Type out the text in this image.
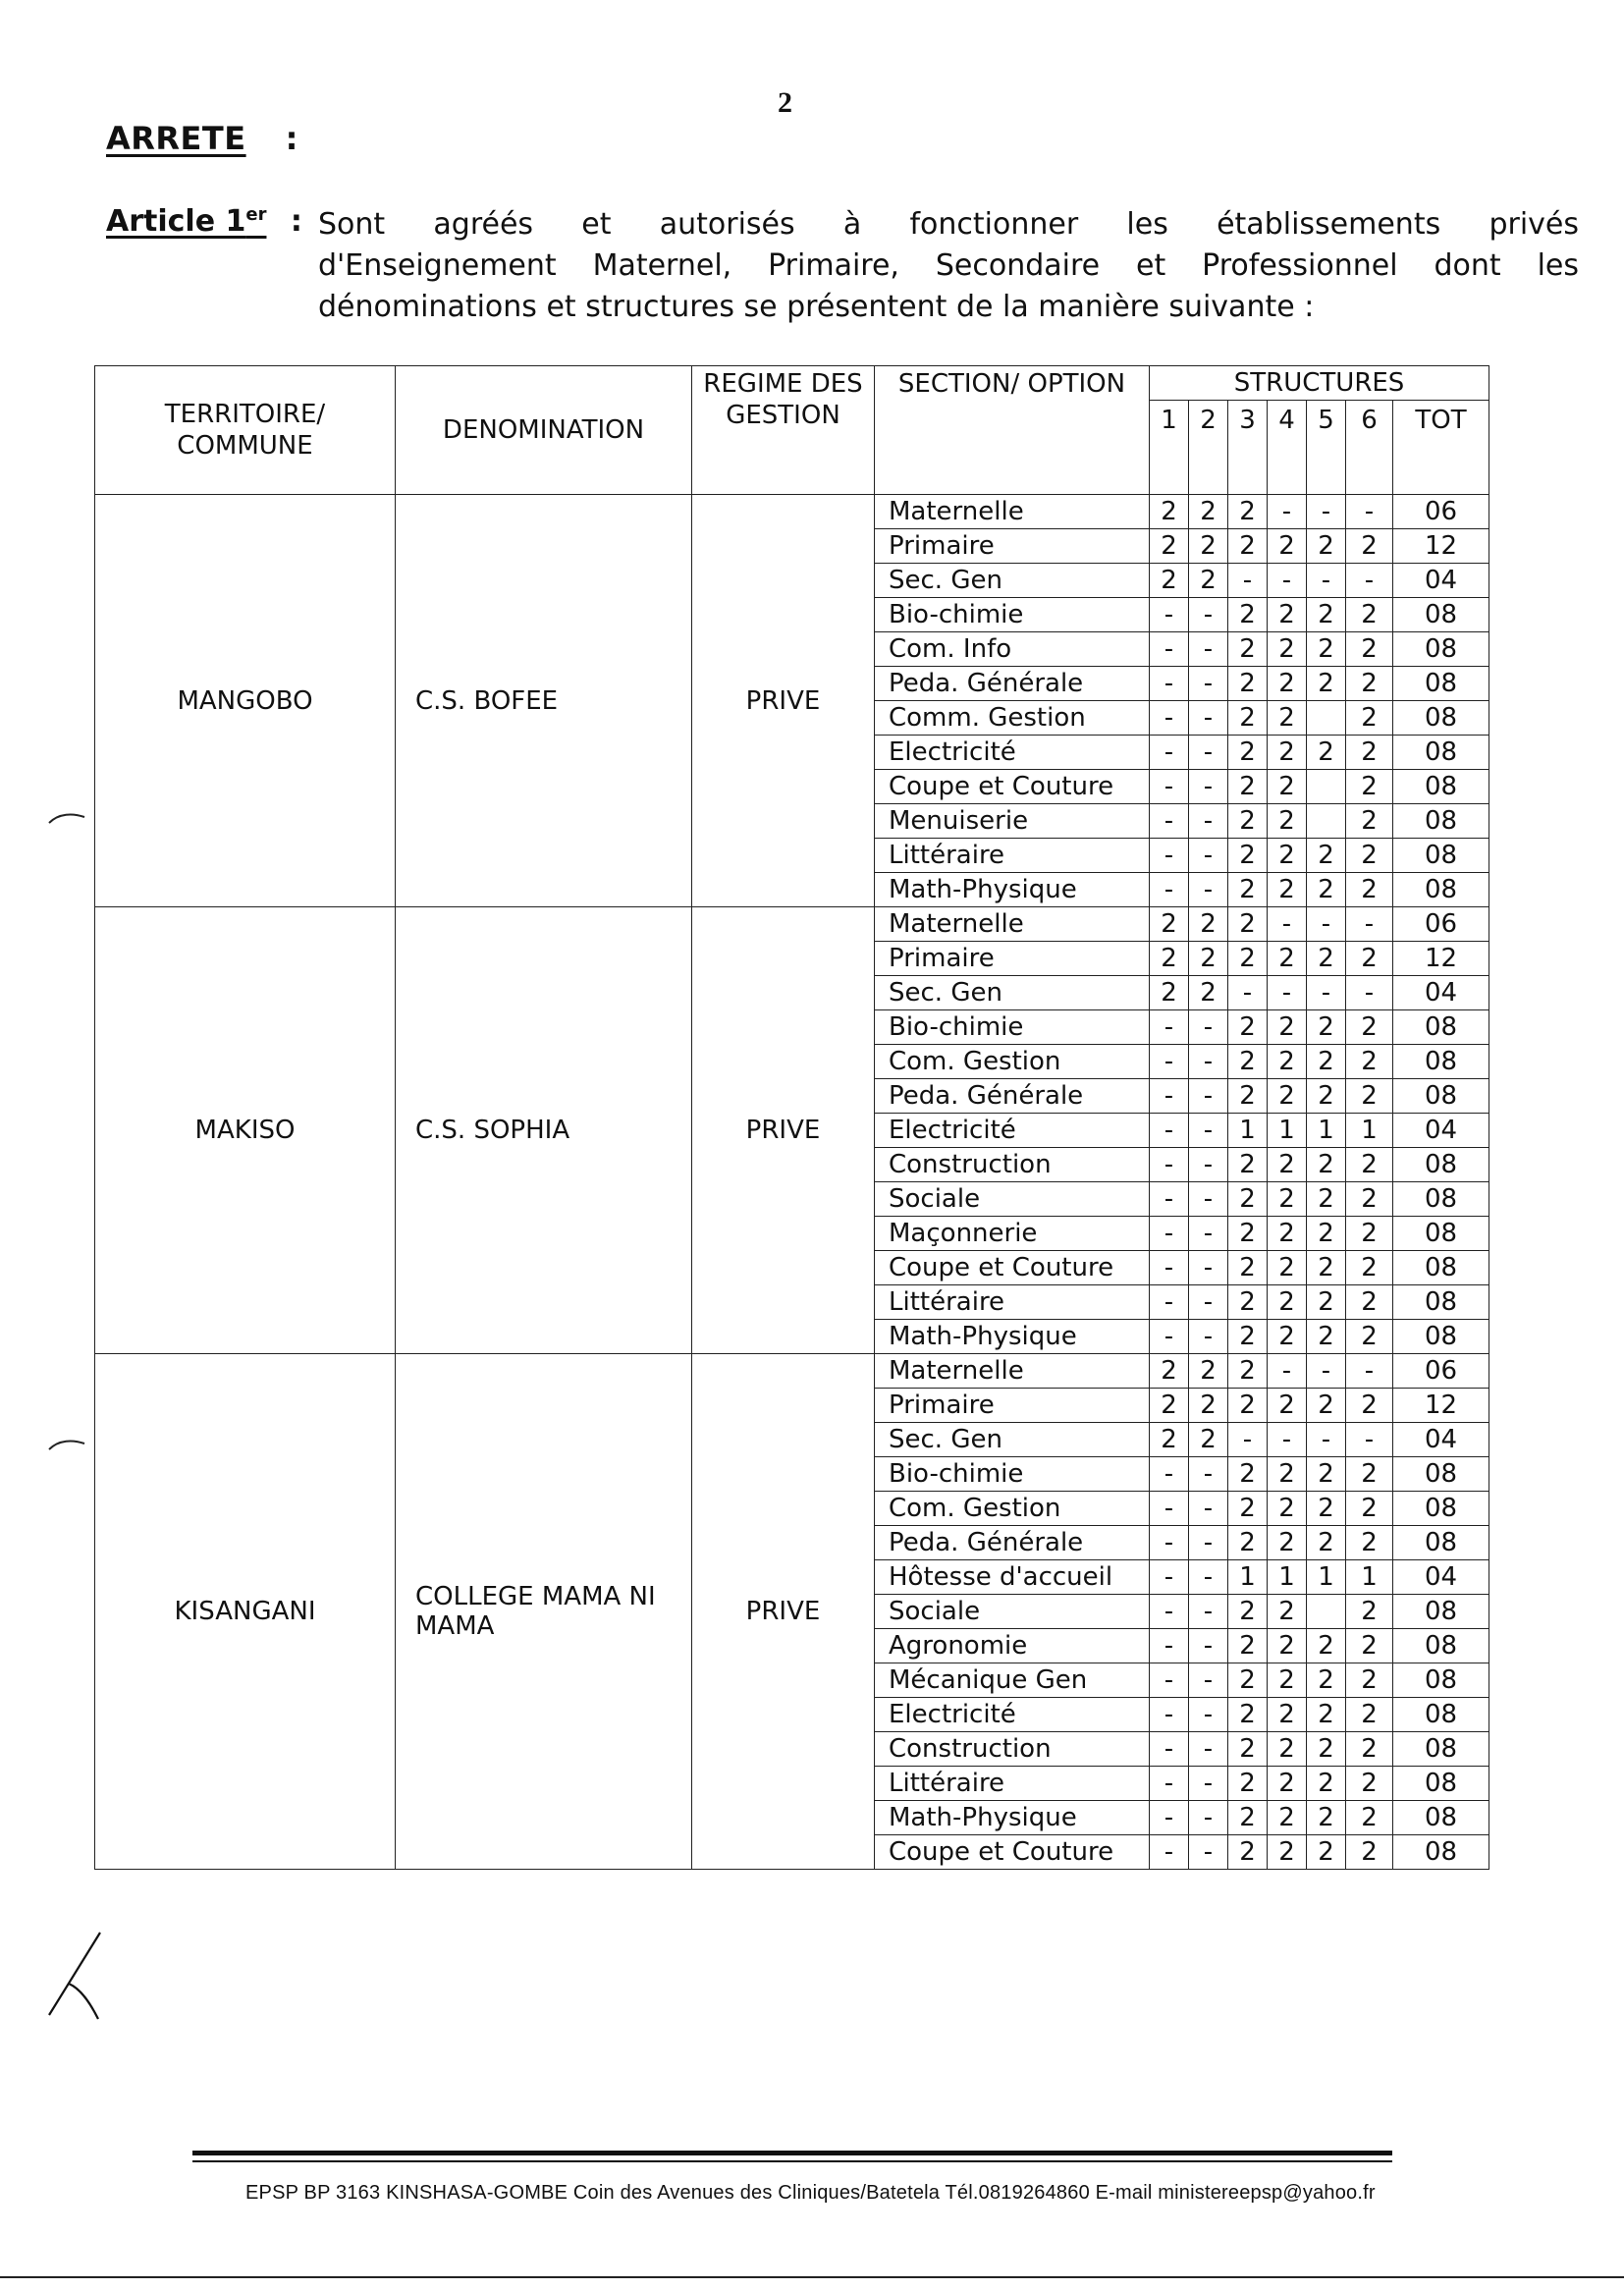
2
ARRETE :
Article 1er : Sont agréés et autorisés à fonctionner les établissements privés
d'Enseignement Maternel, Primaire, Secondaire et Professionnel dont les
dénominations et structures se présentent de la manière suivante :
TERRITOIRE/ COMMUNE	DENOMINATION	REGIME DES GESTION	SECTION/ OPTION	STRUCTURES						
				1	2	3	4	5	6	TOT
MANGOBO	C.S. BOFEE	PRIVE	Maternelle	2	2	2	-	-	-	06
			Primaire	2	2	2	2	2	2	12
			Sec. Gen	2	2	-	-	-	-	04
			Bio-chimie	-	-	2	2	2	2	08
			Com. Info	-	-	2	2	2	2	08
			Peda. Générale	-	-	2	2	2	2	08
			Comm. Gestion	-	-	2	2		2	08
			Electricité	-	-	2	2	2	2	08
			Coupe et Couture	-	-	2	2		2	08
			Menuiserie	-	-	2	2		2	08
			Littéraire	-	-	2	2	2	2	08
			Math-Physique	-	-	2	2	2	2	08
MAKISO	C.S. SOPHIA	PRIVE	Maternelle	2	2	2	-	-	-	06
			Primaire	2	2	2	2	2	2	12
			Sec. Gen	2	2	-	-	-	-	04
			Bio-chimie	-	-	2	2	2	2	08
			Com. Gestion	-	-	2	2	2	2	08
			Peda. Générale	-	-	2	2	2	2	08
			Electricité	-	-	1	1	1	1	04
			Construction	-	-	2	2	2	2	08
			Sociale	-	-	2	2	2	2	08
			Maçonnerie	-	-	2	2	2	2	08
			Coupe et Couture	-	-	2	2	2	2	08
			Littéraire	-	-	2	2	2	2	08
			Math-Physique	-	-	2	2	2	2	08
KISANGANI	COLLEGE MAMA NI MAMA	PRIVE	Maternelle	2	2	2	-	-	-	06
			Primaire	2	2	2	2	2	2	12
			Sec. Gen	2	2	-	-	-	-	04
			Bio-chimie	-	-	2	2	2	2	08
			Com. Gestion	-	-	2	2	2	2	08
			Peda. Générale	-	-	2	2	2	2	08
			Hôtesse d'accueil	-	-	1	1	1	1	04
			Sociale	-	-	2	2		2	08
			Agronomie	-	-	2	2	2	2	08
			Mécanique Gen	-	-	2	2	2	2	08
			Electricité	-	-	2	2	2	2	08
			Construction	-	-	2	2	2	2	08
			Littéraire	-	-	2	2	2	2	08
			Math-Physique	-	-	2	2	2	2	08
			Coupe et Couture	-	-	2	2	2	2	08
EPSP BP 3163 KINSHASA-GOMBE Coin des Avenues des Cliniques/Batetela Tél.0819264860 E-mail ministereepsp@yahoo.fr
